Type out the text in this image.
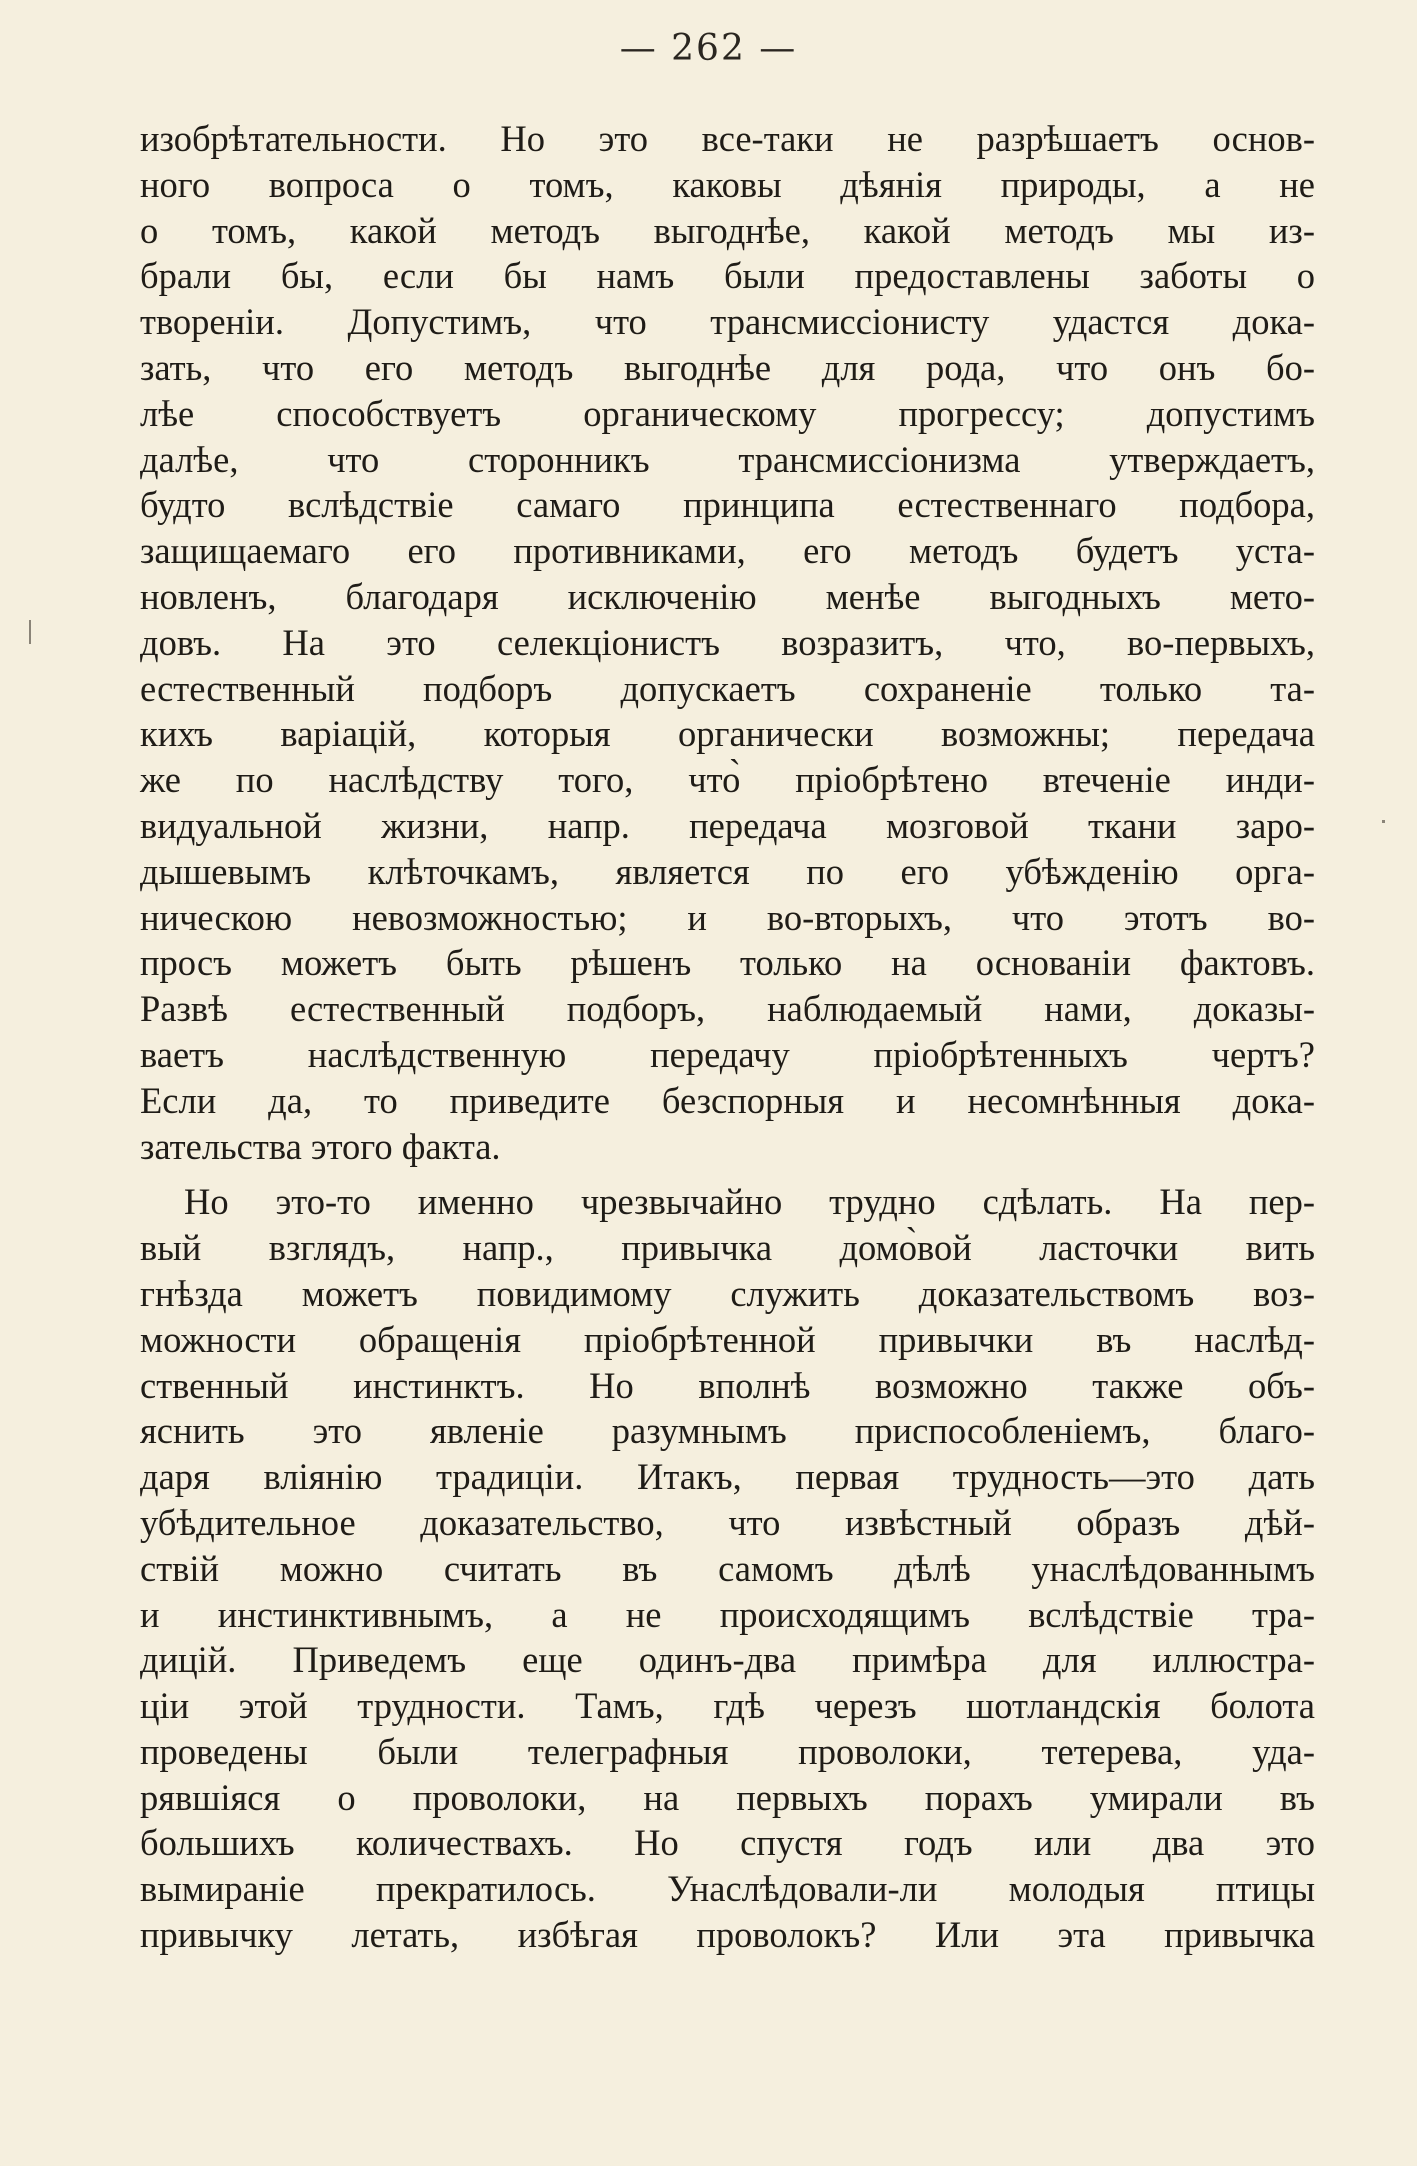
— 262 —

изобрѣтательности. Но это все-таки не разрѣшаетъ основ-
ного вопроса о томъ, каковы дѣянія природы, а не
о томъ, какой методъ выгоднѣе, какой методъ мы из-
брали бы, если бы намъ были предоставлены заботы о
твореніи. Допустимъ, что трансмиссіонисту удастся дока-
зать, что его методъ выгоднѣе для рода, что онъ бо-
лѣе способствуетъ органическому прогрессу; допустимъ
далѣе, что сторонникъ трансмиссіонизма утверждаетъ,
будто вслѣдствіе самаго принципа естественнаго подбора,
защищаемаго его противниками, его методъ будетъ уста-
новленъ, благодаря исключенію менѣе выгодныхъ мето-
довъ. На это селекціонистъ возразитъ, что, во-первыхъ,
естественный подборъ допускаетъ сохраненіе только та-
кихъ варіацій, которыя органически возможны; передача
же по наслѣдству того, что̀ пріобрѣтено втеченіе инди-
видуальной жизни, напр. передача мозговой ткани заро-
дышевымъ клѣточкамъ, является по его убѣжденію орга-
ническою невозможностью; и во-вторыхъ, что этотъ во-
просъ можетъ быть рѣшенъ только на основаніи фактовъ.
Развѣ естественный подборъ, наблюдаемый нами, доказы-
ваетъ наслѣдственную передачу пріобрѣтенныхъ чертъ?
Если да, то приведите безспорныя и несомнѣнныя дока-
зательства этого факта.

Но это-то именно чрезвычайно трудно сдѣлать. На пер-
вый взглядъ, напр., привычка домо̀вой ласточки вить
гнѣзда можетъ повидимому служить доказательствомъ воз-
можности обращенія пріобрѣтенной привычки въ наслѣд-
ственный инстинктъ. Но вполнѣ возможно также объ-
яснить это явленіе разумнымъ приспособленіемъ, благо-
даря вліянію традиціи. Итакъ, первая трудность—это дать
убѣдительное доказательство, что извѣстный образъ дѣй-
ствій можно считать въ самомъ дѣлѣ унаслѣдованнымъ
и инстинктивнымъ, а не происходящимъ вслѣдствіе тра-
дицій. Приведемъ еще одинъ-два примѣра для иллюстра-
ціи этой трудности. Тамъ, гдѣ черезъ шотландскія болота
проведены были телеграфныя проволоки, тетерева, уда-
рявшіяся о проволоки, на первыхъ порахъ умирали въ
большихъ количествахъ. Но спустя годъ или два это
вымираніе прекратилось. Унаслѣдовали-ли молодыя птицы
привычку летать, избѣгая проволокъ? Или эта привычка
